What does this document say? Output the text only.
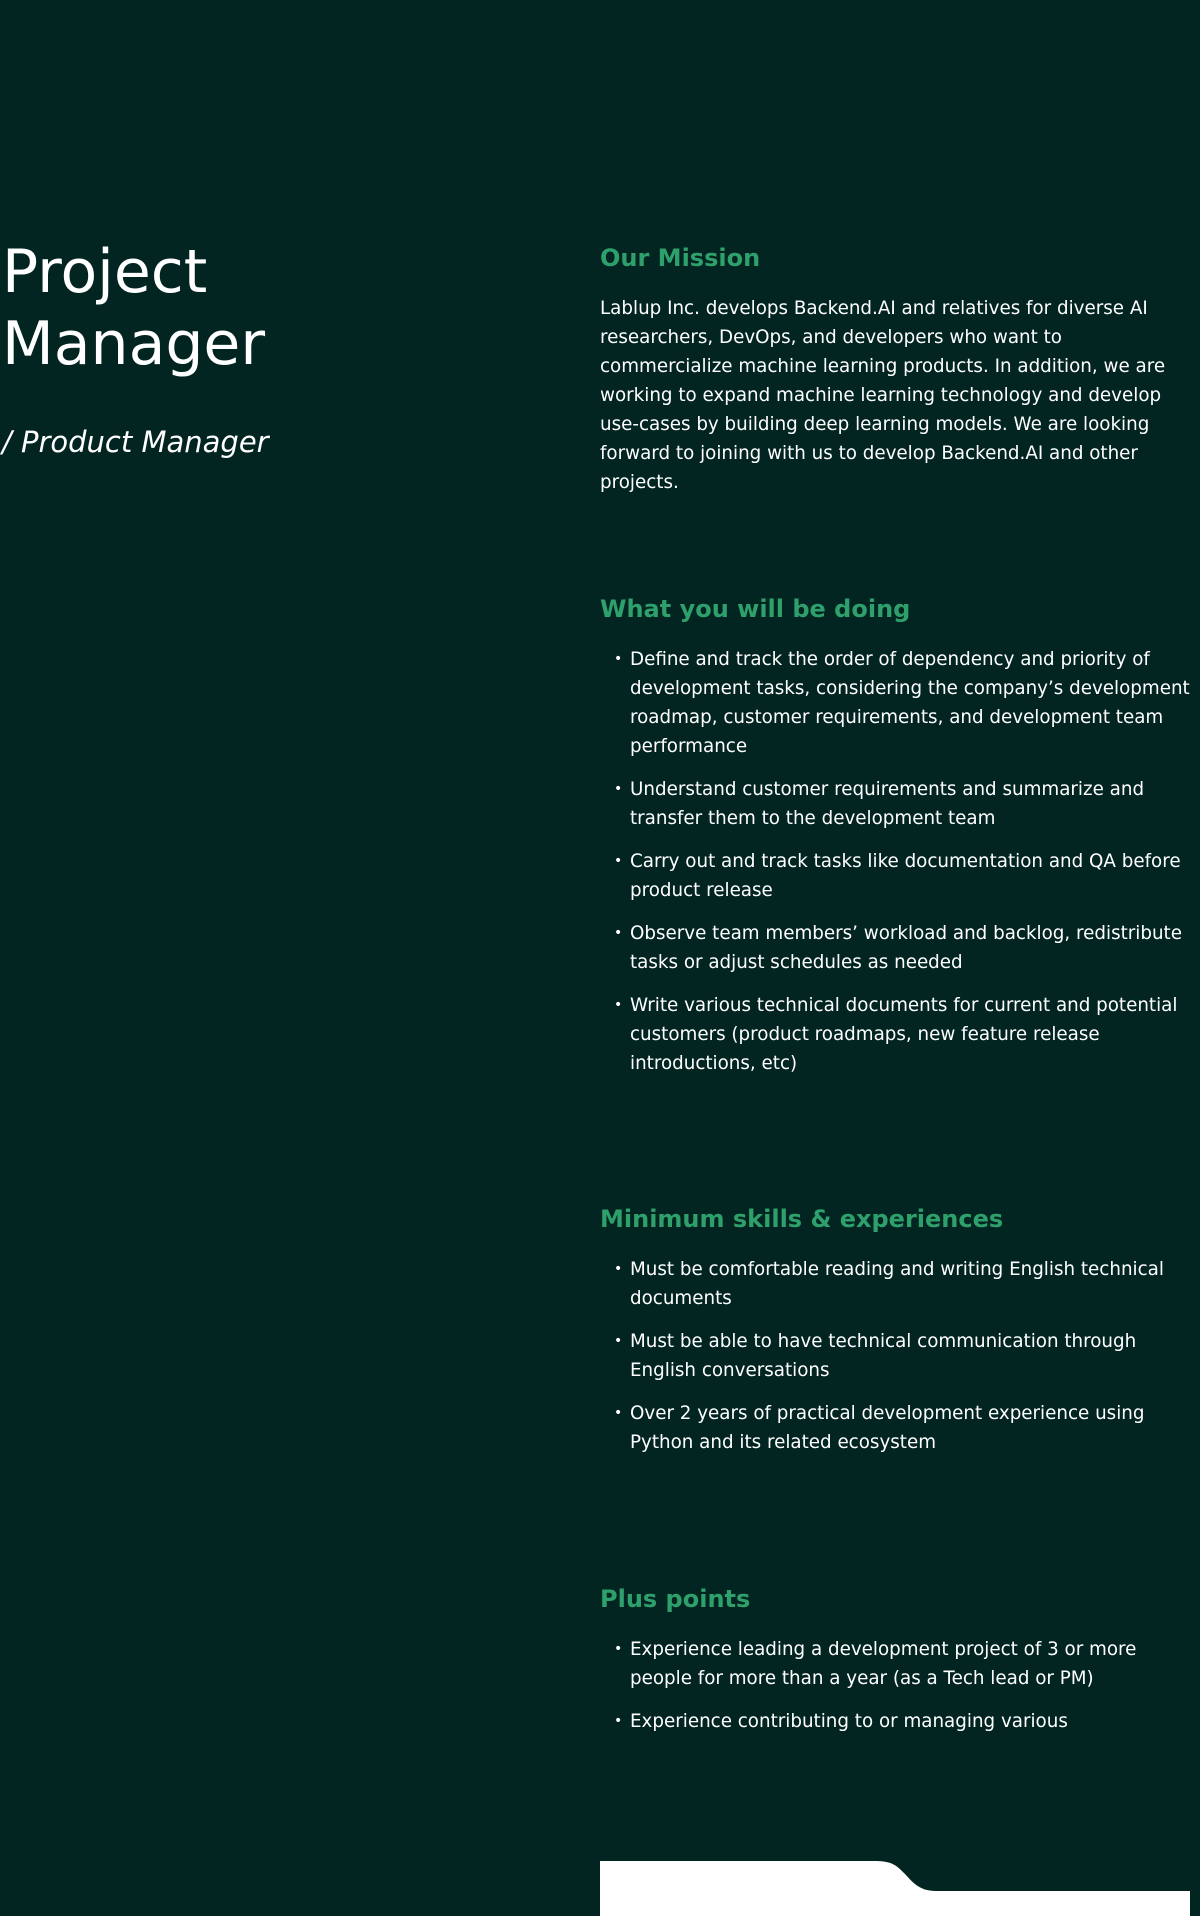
Project Manager
/ Product Manager
Our Mission

Lablup Inc. develops Backend.AI and relatives for diverse AI researchers, DevOps, and developers who want to commercialize machine learning products. In addition, we are working to expand machine learning technology and develop use-cases by building deep learning models. We are looking forward to joining with us to develop Backend.AI and other projects.

What you will be doing
• Define and track the order of dependency and priority of development tasks, considering the company’s development roadmap, customer requirements, and development team performance
• Understand customer requirements and summarize and transfer them to the development team
• Carry out and track tasks like documentation and QA before product release
• Observe team members’ workload and backlog, redistribute tasks or adjust schedules as needed
• Write various technical documents for current and potential customers (product roadmaps, new feature release introductions, etc)
Minimum skills & experiences
• Must be comfortable reading and writing English technical documents
• Must be able to have technical communication through English conversations
• Over 2 years of practical development experience using Python and its related ecosystem
Plus points
• Experience leading a development project of 3 or more people for more than a year (as a Tech lead or PM)
• Experience contributing to or managing various
